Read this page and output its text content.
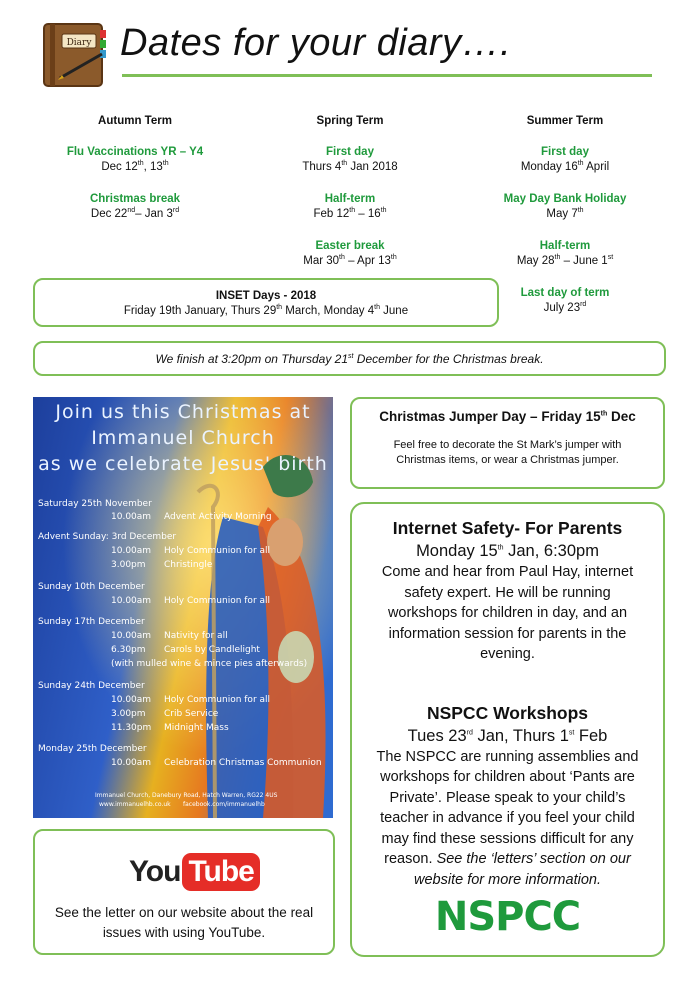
Diary Dates for your diary….
Autumn Term
Flu Vaccinations YR – Y4
Dec 12th, 13th
Christmas break
Dec 22nd– Jan 3rd
Spring Term
First day
Thurs 4th Jan 2018
Half-term
Feb 12th – 16th
Easter break
Mar 30th – Apr 13th
Summer Term
First day
Monday 16th April
May Day Bank Holiday
May 7th
Half-term
May 28th – June 1st
Last day of term
July 23rd
INSET Days - 2018
Friday 19th January, Thurs 29th March, Monday 4th June
We finish at 3:20pm on Thursday 21st December for the Christmas break.
Join us this Christmas at
Immanuel Church
as we celebrate Jesus' birth
Saturday 25th November
10.00am Advent Activity Morning
Advent Sunday: 3rd December
10.00am Holy Communion for all
3.00pm Christingle
Sunday 10th December
10.00am Holy Communion for all
Sunday 17th December
10.00am Nativity for all
6.30pm Carols by Candlelight
(with mulled wine & mince pies afterwards)
Sunday 24th December
10.00am Holy Communion for all
3.00pm Crib Service
11.30pm Midnight Mass
Monday 25th December
10.00am Celebration Christmas Communion
Immanuel Church, Danebury Road, Hatch Warren, RG22 4US
www.immanuelhb.co.uk facebook.com/immanuelhb
Christmas Jumper Day – Friday 15th Dec
Feel free to decorate the St Mark’s jumper with Christmas items, or wear a Christmas jumper.
You Tube
See the letter on our website about the real issues with using YouTube.
Internet Safety- For Parents
Monday 15th Jan, 6:30pm
Come and hear from Paul Hay, internet safety expert. He will be running workshops for children in day, and an information session for parents in the evening.
NSPCC Workshops
Tues 23rd Jan, Thurs 1st Feb
The NSPCC are running assemblies and workshops for children about ‘Pants are Private’. Please speak to your child’s teacher in advance if you feel your child may find these sessions difficult for any reason. See the ‘letters’ section on our website for more information.
NSPCC
